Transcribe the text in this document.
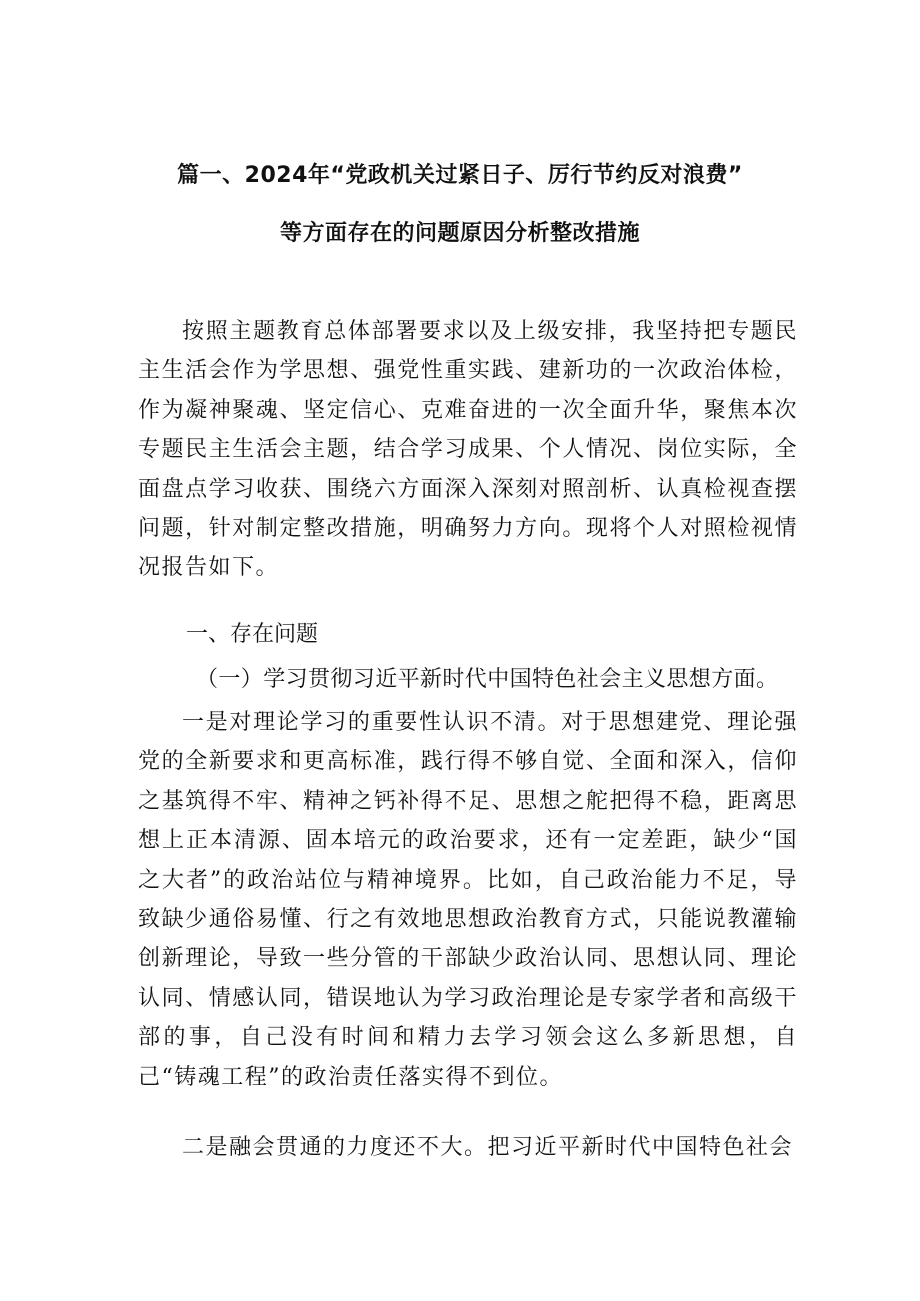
篇一、2024年“党政机关过紧日子、厉行节约反对浪费”
等方面存在的问题原因分析整改措施
按照主题教育总体部署要求以及上级安排，我坚持把专题民主生活会作为学思想、强党性重实践、建新功的一次政治体检，作为凝神聚魂、坚定信心、克难奋进的一次全面升华，聚焦本次专题民主生活会主题，结合学习成果、个人情况、岗位实际，全面盘点学习收获、围绕六方面深入深刻对照剖析、认真检视查摆问题，针对制定整改措施，明确努力方向。现将个人对照检视情况报告如下。
一、存在问题
（一）学习贯彻习近平新时代中国特色社会主义思想方面。
一是对理论学习的重要性认识不清。对于思想建党、理论强党的全新要求和更高标准，践行得不够自觉、全面和深入，信仰之基筑得不牢、精神之钙补得不足、思想之舵把得不稳，距离思想上正本清源、固本培元的政治要求，还有一定差距，缺少“国之大者”的政治站位与精神境界。比如，自己政治能力不足，导致缺少通俗易懂、行之有效地思想政治教育方式，只能说教灌输创新理论，导致一些分管的干部缺少政治认同、思想认同、理论认同、情感认同，错误地认为学习政治理论是专家学者和高级干部的事，自己没有时间和精力去学习领会这么多新思想，自己“铸魂工程”的政治责任落实得不到位。
二是融会贯通的力度还不大。把习近平新时代中国特色社会
